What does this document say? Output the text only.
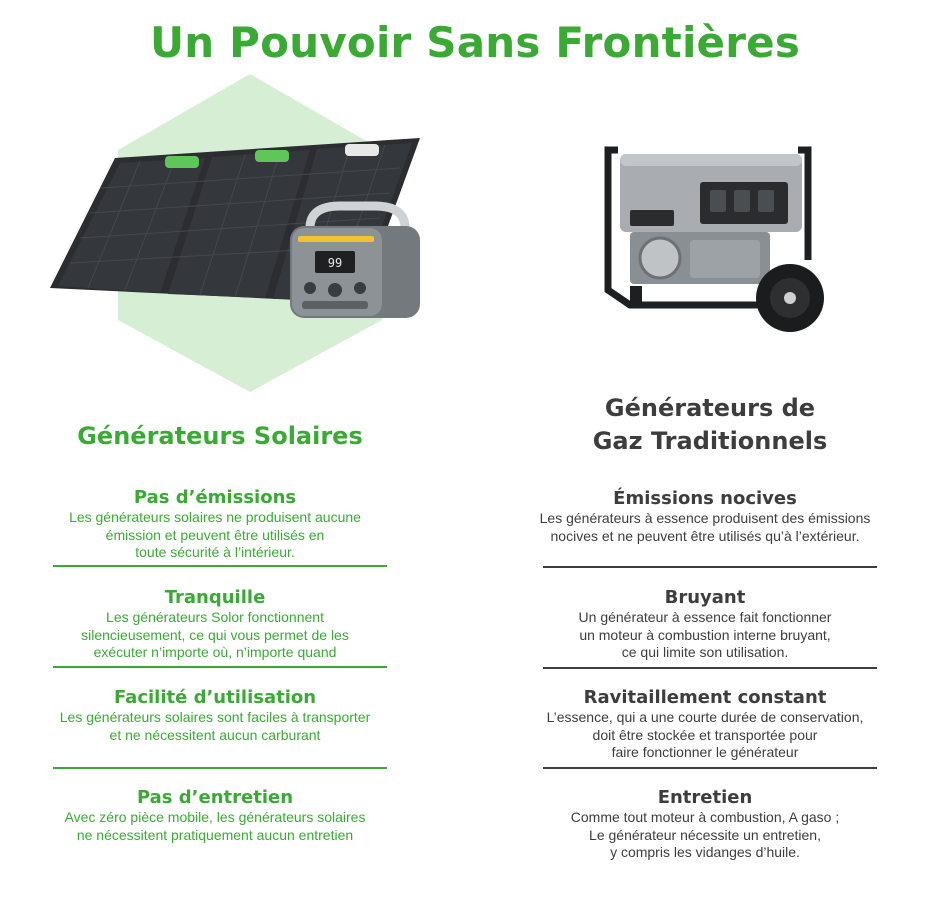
Un Pouvoir Sans Frontières
99
Générateurs Solaires
Générateurs de
Gaz Traditionnels
Pas d’émissions

Les générateurs solaires ne produisent aucune
émission et peuvent être utilisés en
toute sécurité à l’intérieur.

Tranquille

Les générateurs Solor fonctionnent
silencieusement, ce qui vous permet de les
exécuter n’importe où, n’importe quand

Facilité d’utilisation

Les générateurs solaires sont faciles à transporter
et ne nécessitent aucun carburant

Pas d’entretien

Avec zéro pièce mobile, les générateurs solaires
ne nécessitent pratiquement aucun entretien

Émissions nocives

Les générateurs à essence produisent des émissions
nocives et ne peuvent être utilisés qu’à l’extérieur.

Bruyant

Un générateur à essence fait fonctionner
un moteur à combustion interne bruyant,
ce qui limite son utilisation.

Ravitaillement constant

L’essence, qui a une courte durée de conservation,
doit être stockée et transportée pour
faire fonctionner le générateur

Entretien

Comme tout moteur à combustion, A gaso ;
Le générateur nécessite un entretien,
y compris les vidanges d’huile.
